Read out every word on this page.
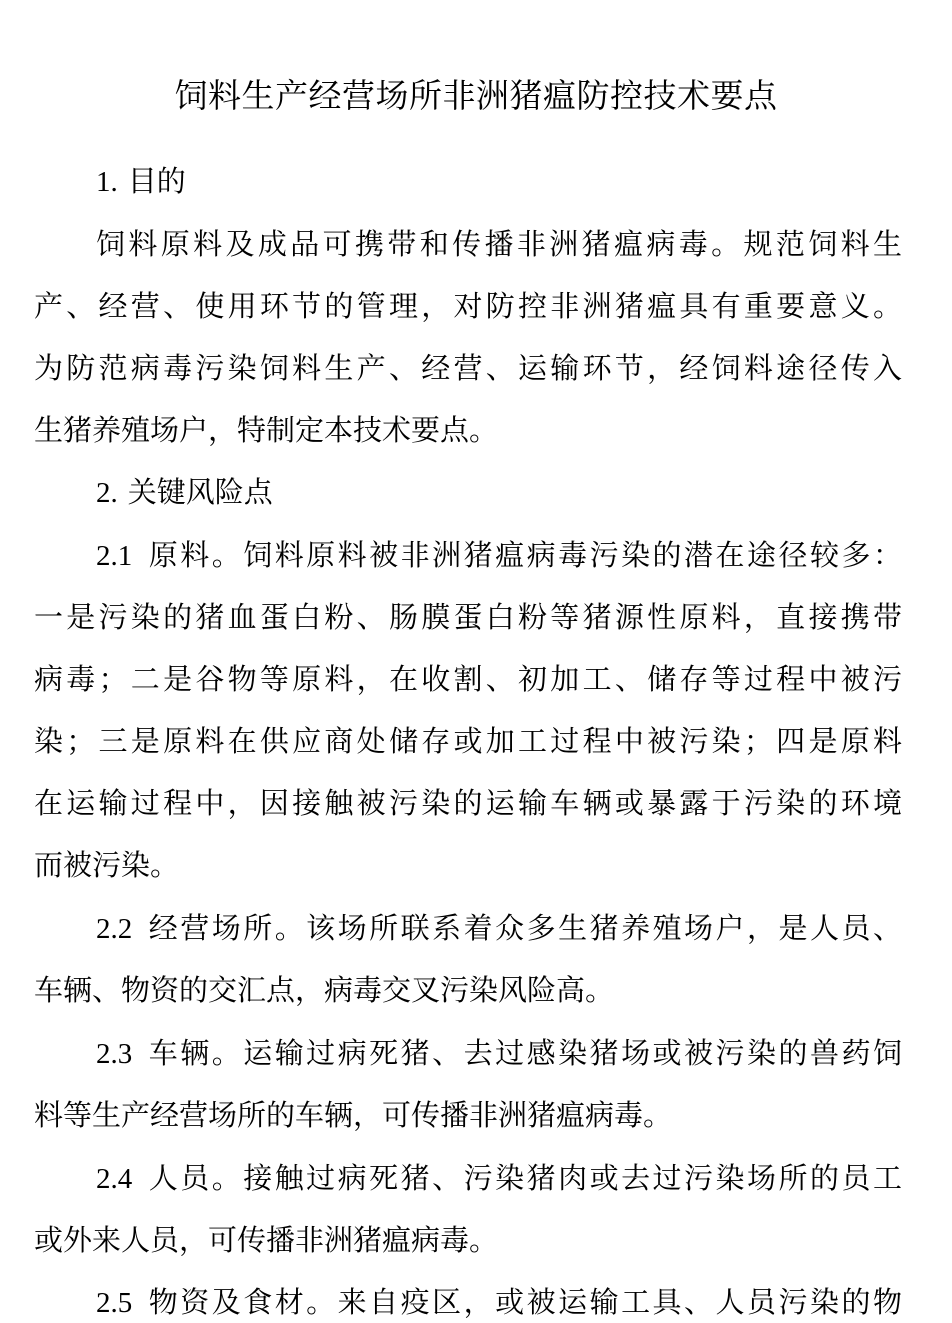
饲料生产经营场所非洲猪瘟防控技术要点
1. 目的
饲料原料及成品可携带和传播非洲猪瘟病毒。规范饲料生
产、经营、使用环节的管理，对防控非洲猪瘟具有重要意义。
为防范病毒污染饲料生产、经营、运输环节，经饲料途径传入
生猪养殖场户，特制定本技术要点。
2. 关键风险点
2.1 原料。饲料原料被非洲猪瘟病毒污染的潜在途径较多：
一是污染的猪血蛋白粉、肠膜蛋白粉等猪源性原料，直接携带
病毒；二是谷物等原料，在收割、初加工、储存等过程中被污
染；三是原料在供应商处储存或加工过程中被污染；四是原料
在运输过程中，因接触被污染的运输车辆或暴露于污染的环境
而被污染。
2.2 经营场所。该场所联系着众多生猪养殖场户，是人员、
车辆、物资的交汇点，病毒交叉污染风险高。
2.3 车辆。运输过病死猪、去过感染猪场或被污染的兽药饲
料等生产经营场所的车辆，可传播非洲猪瘟病毒。
2.4 人员。接触过病死猪、污染猪肉或去过污染场所的员工
或外来人员，可传播非洲猪瘟病毒。
2.5 物资及食材。来自疫区，或被运输工具、人员污染的物
